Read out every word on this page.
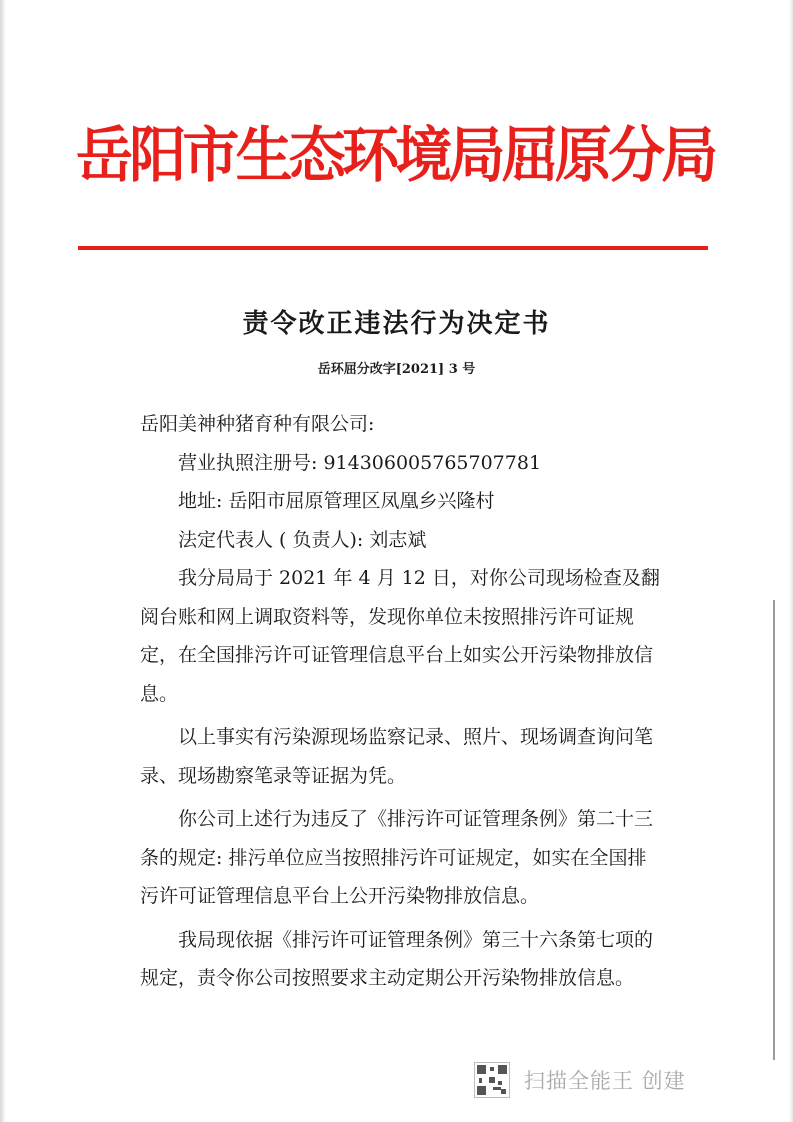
岳阳市生态环境局屈原分局
责令改正违法行为决定书
岳环屈分改字[2021] 3 号

岳阳美神种猪育种有限公司:

营业执照注册号: 914306005765707781

地址: 岳阳市屈原管理区凤凰乡兴隆村

法定代表人 ( 负责人): 刘志斌

我分局局于 2021 年 4 月 12 日，对你公司现场检查及翻阅台账和网上调取资料等，发现你单位未按照排污许可证规定，在全国排污许可证管理信息平台上如实公开污染物排放信息。

以上事实有污染源现场监察记录、照片、现场调查询问笔录、现场勘察笔录等证据为凭。

你公司上述行为违反了《排污许可证管理条例》第二十三条的规定: 排污单位应当按照排污许可证规定，如实在全国排污许可证管理信息平台上公开污染物排放信息。

我局现依据《排污许可证管理条例》第三十六条第七项的规定，责令你公司按照要求主动定期公开污染物排放信息。

扫描全能王 创建
